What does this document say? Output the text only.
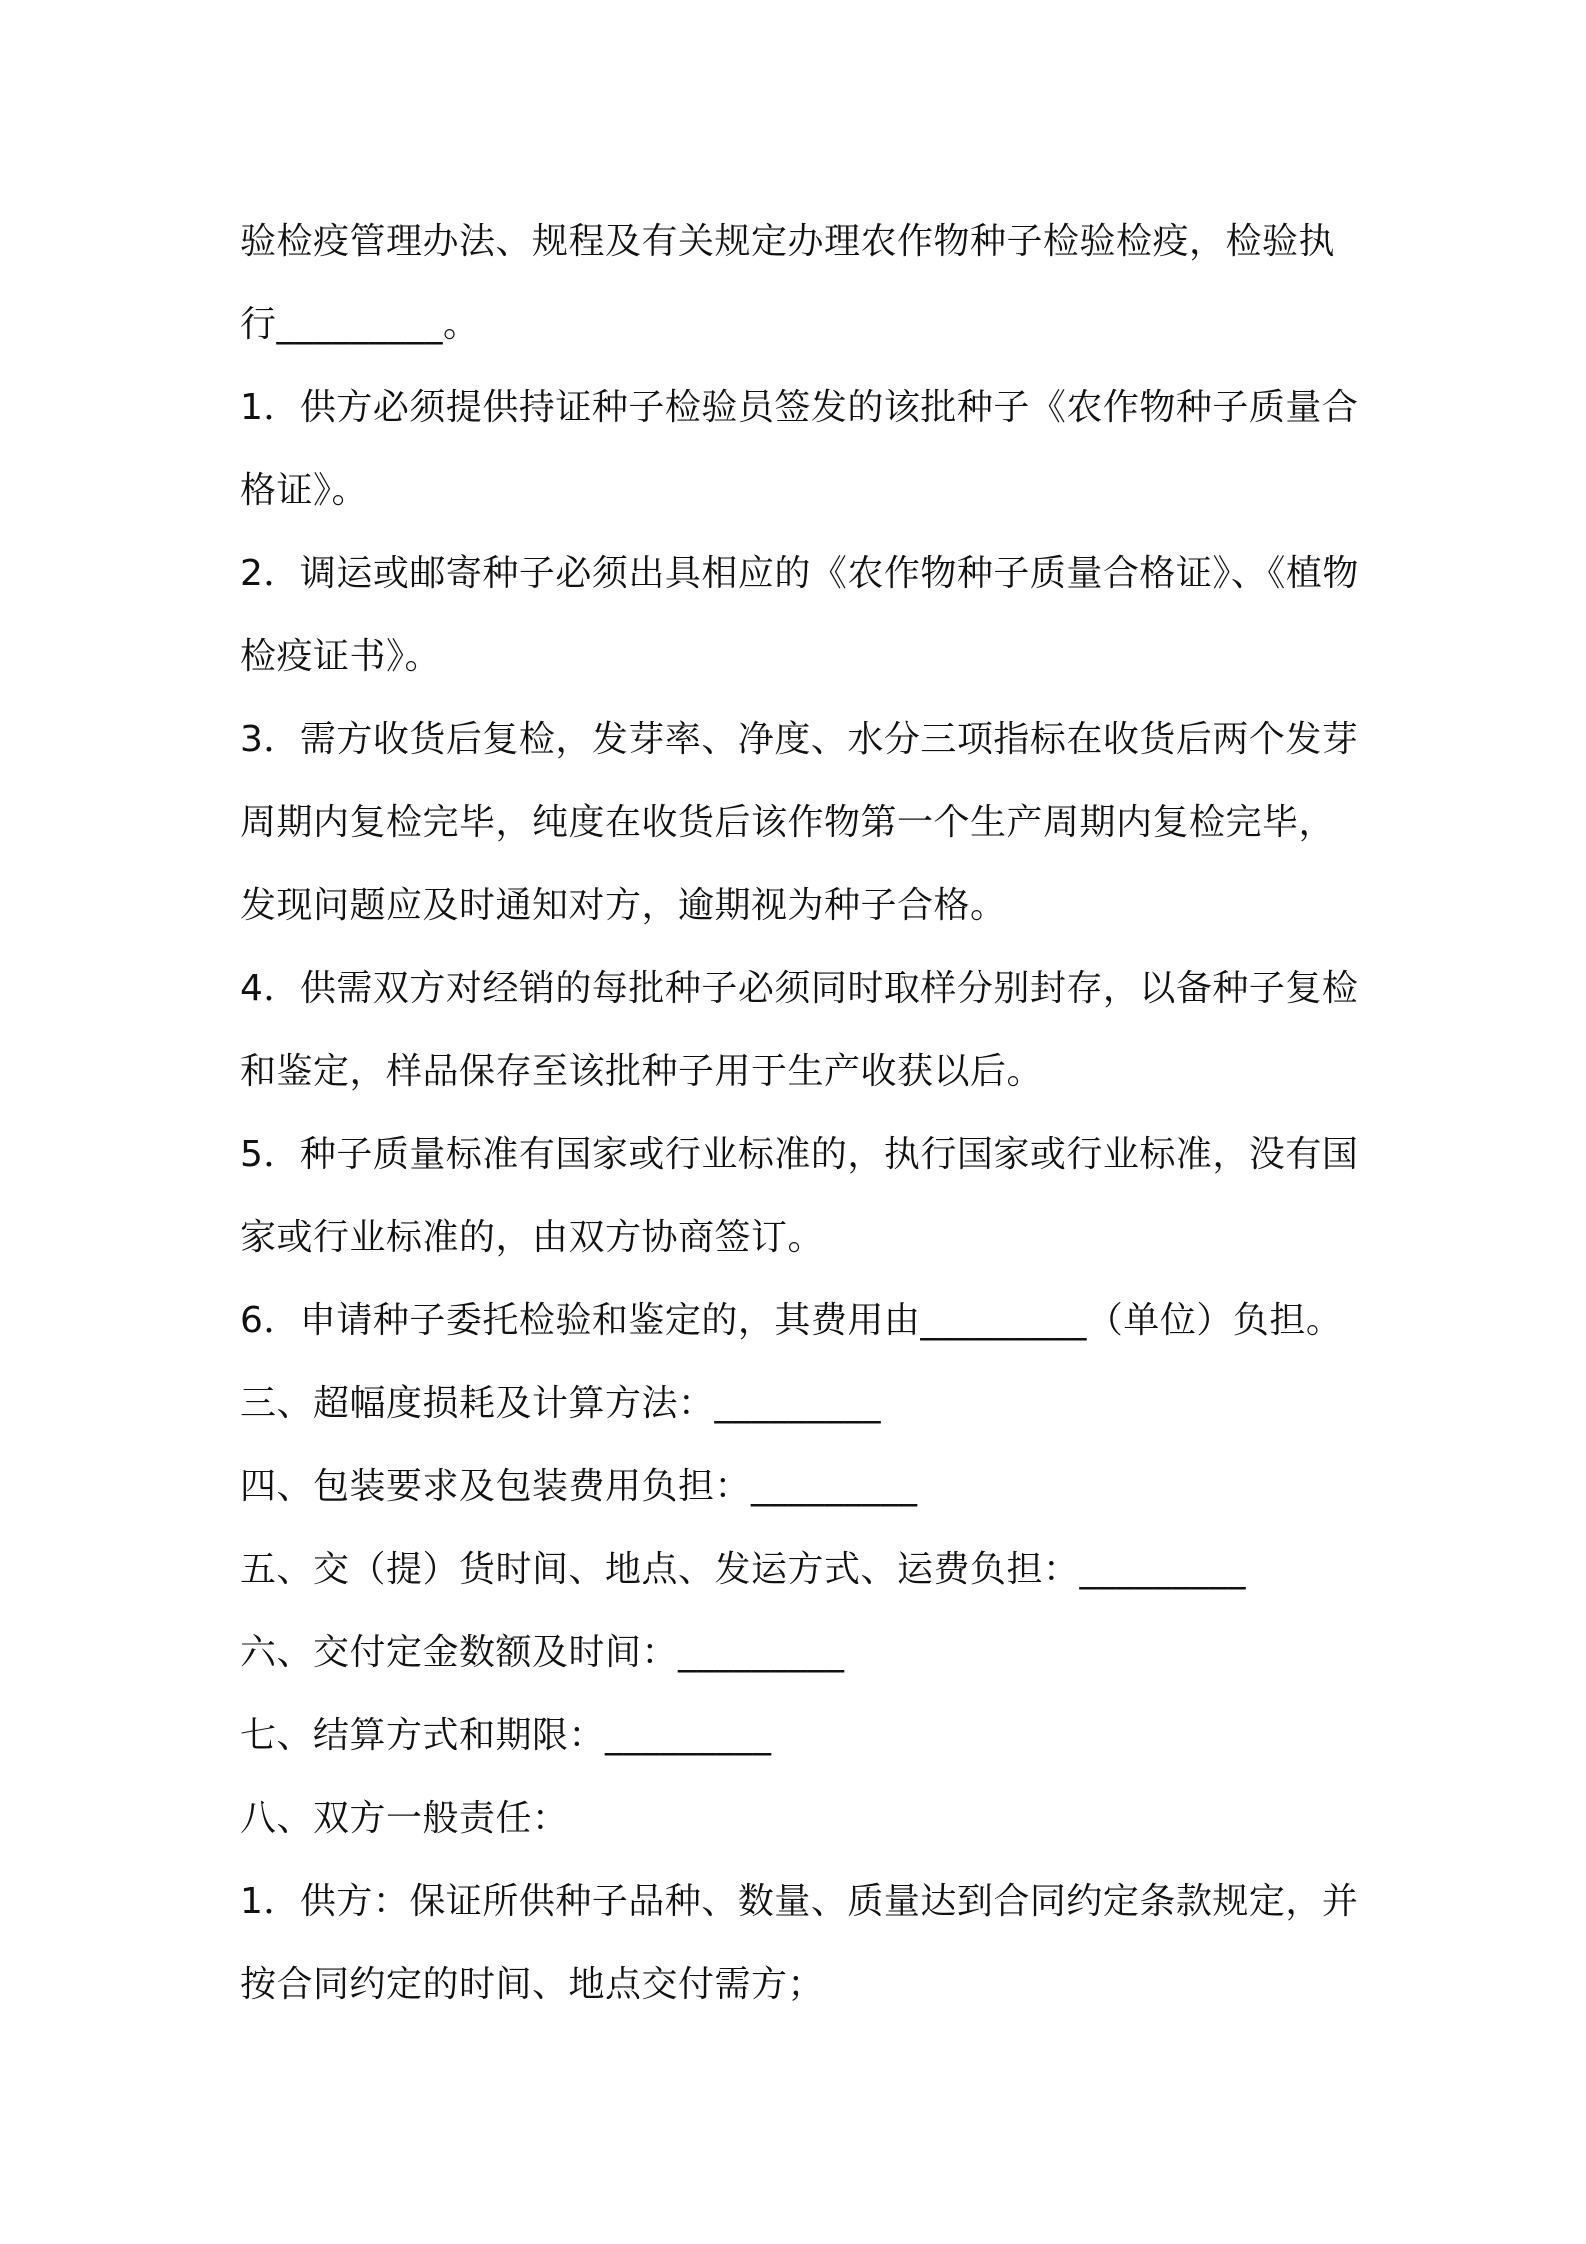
验检疫管理办法、规程及有关规定办理农作物种子检验检疫，检验执行_________。

1．供方必须提供持证种子检验员签发的该批种子《农作物种子质量合格证》。

2．调运或邮寄种子必须出具相应的《农作物种子质量合格证》、《植物检疫证书》。

3．需方收货后复检，发芽率、净度、水分三项指标在收货后两个发芽周期内复检完毕，纯度在收货后该作物第一个生产周期内复检完毕，发现问题应及时通知对方，逾期视为种子合格。

4．供需双方对经销的每批种子必须同时取样分别封存，以备种子复检和鉴定，样品保存至该批种子用于生产收获以后。

5．种子质量标准有国家或行业标准的，执行国家或行业标准，没有国家或行业标准的，由双方协商签订。

6．申请种子委托检验和鉴定的，其费用由_________（单位）负担。

三、超幅度损耗及计算方法：_________

四、包装要求及包装费用负担：_________

五、交（提）货时间、地点、发运方式、运费负担：_________

六、交付定金数额及时间：_________

七、结算方式和期限：_________

八、双方一般责任：

1．供方：保证所供种子品种、数量、质量达到合同约定条款规定，并按合同约定的时间、地点交付需方；
